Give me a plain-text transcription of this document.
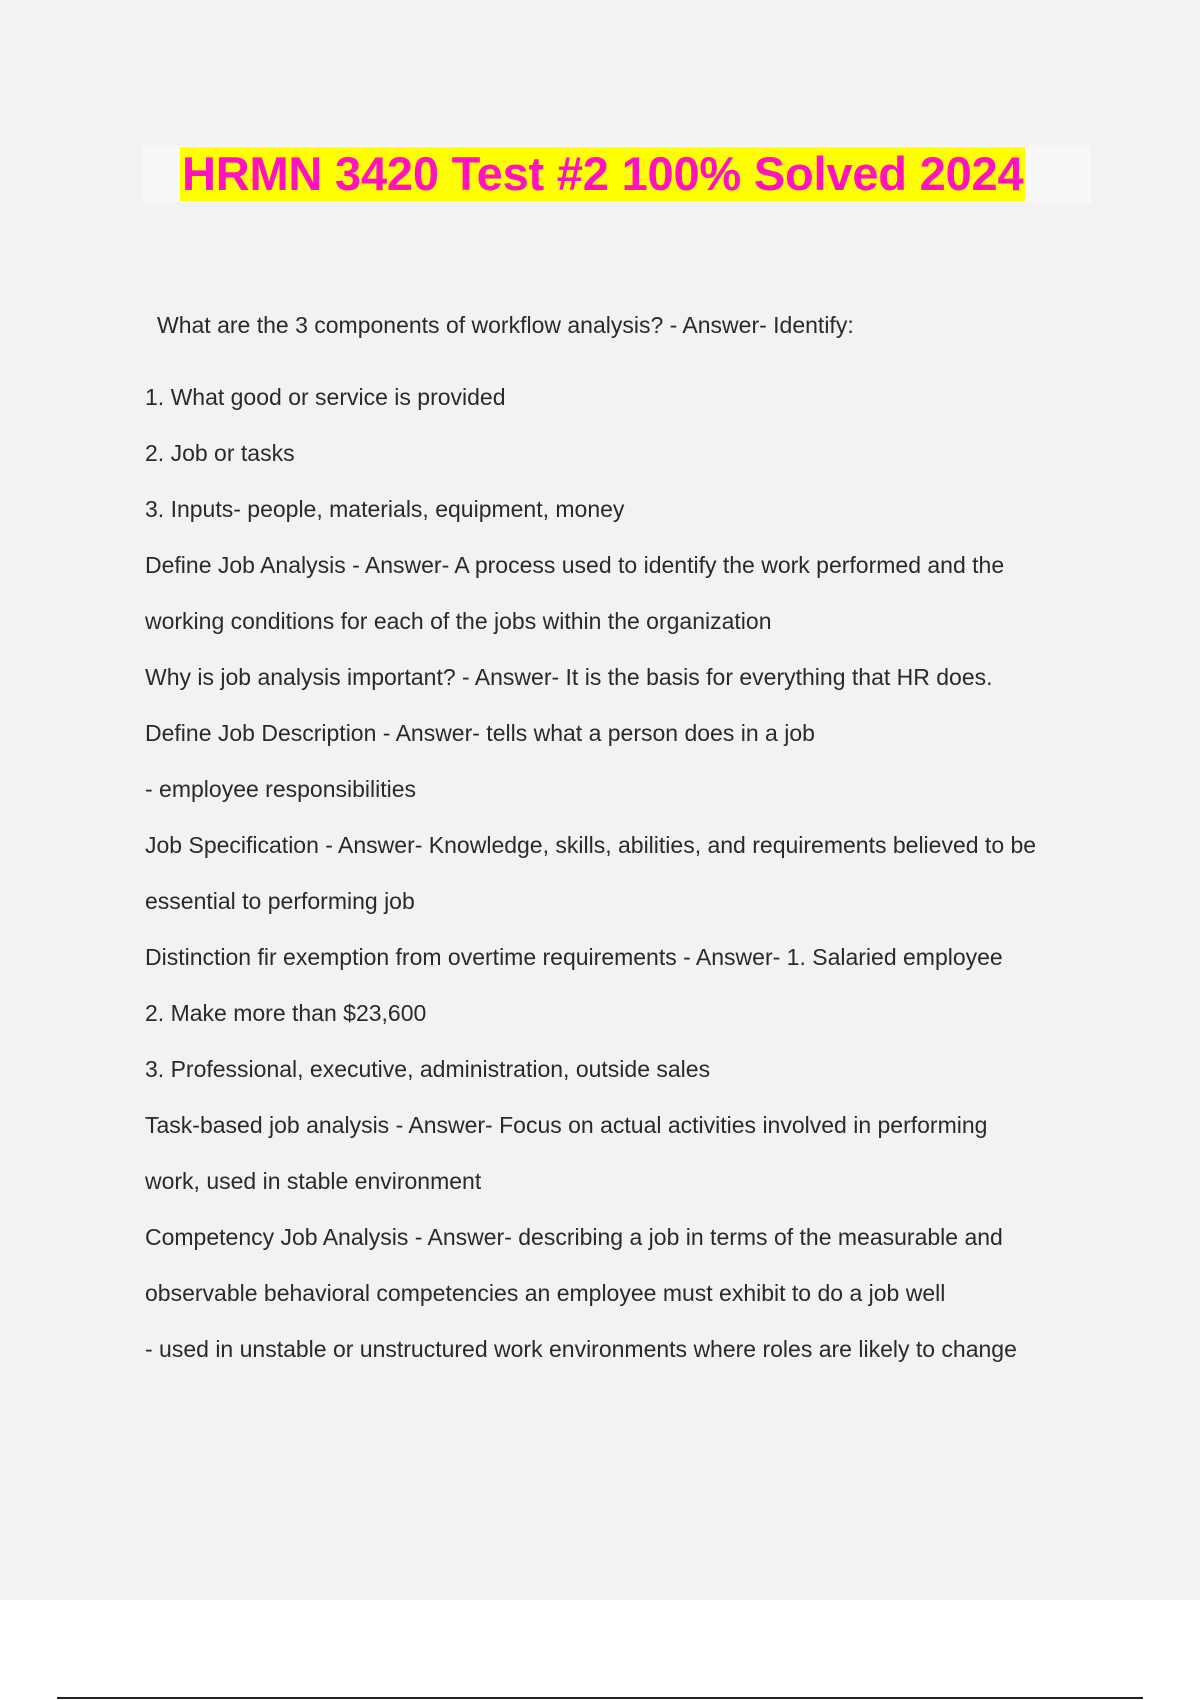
HRMN 3420 Test #2 100% Solved 2024
What are the 3 components of workflow analysis? - Answer- Identify:
1. What good or service is provided
2. Job or tasks
3. Inputs- people, materials, equipment, money
Define Job Analysis - Answer- A process used to identify the work performed and the
working conditions for each of the jobs within the organization
Why is job analysis important? - Answer- It is the basis for everything that HR does.
Define Job Description - Answer- tells what a person does in a job
- employee responsibilities
Job Specification - Answer- Knowledge, skills, abilities, and requirements believed to be
essential to performing job
Distinction fir exemption from overtime requirements - Answer- 1. Salaried employee
2. Make more than $23,600
3. Professional, executive, administration, outside sales
Task-based job analysis - Answer- Focus on actual activities involved in performing
work, used in stable environment
Competency Job Analysis - Answer- describing a job in terms of the measurable and
observable behavioral competencies an employee must exhibit to do a job well
- used in unstable or unstructured work environments where roles are likely to change
